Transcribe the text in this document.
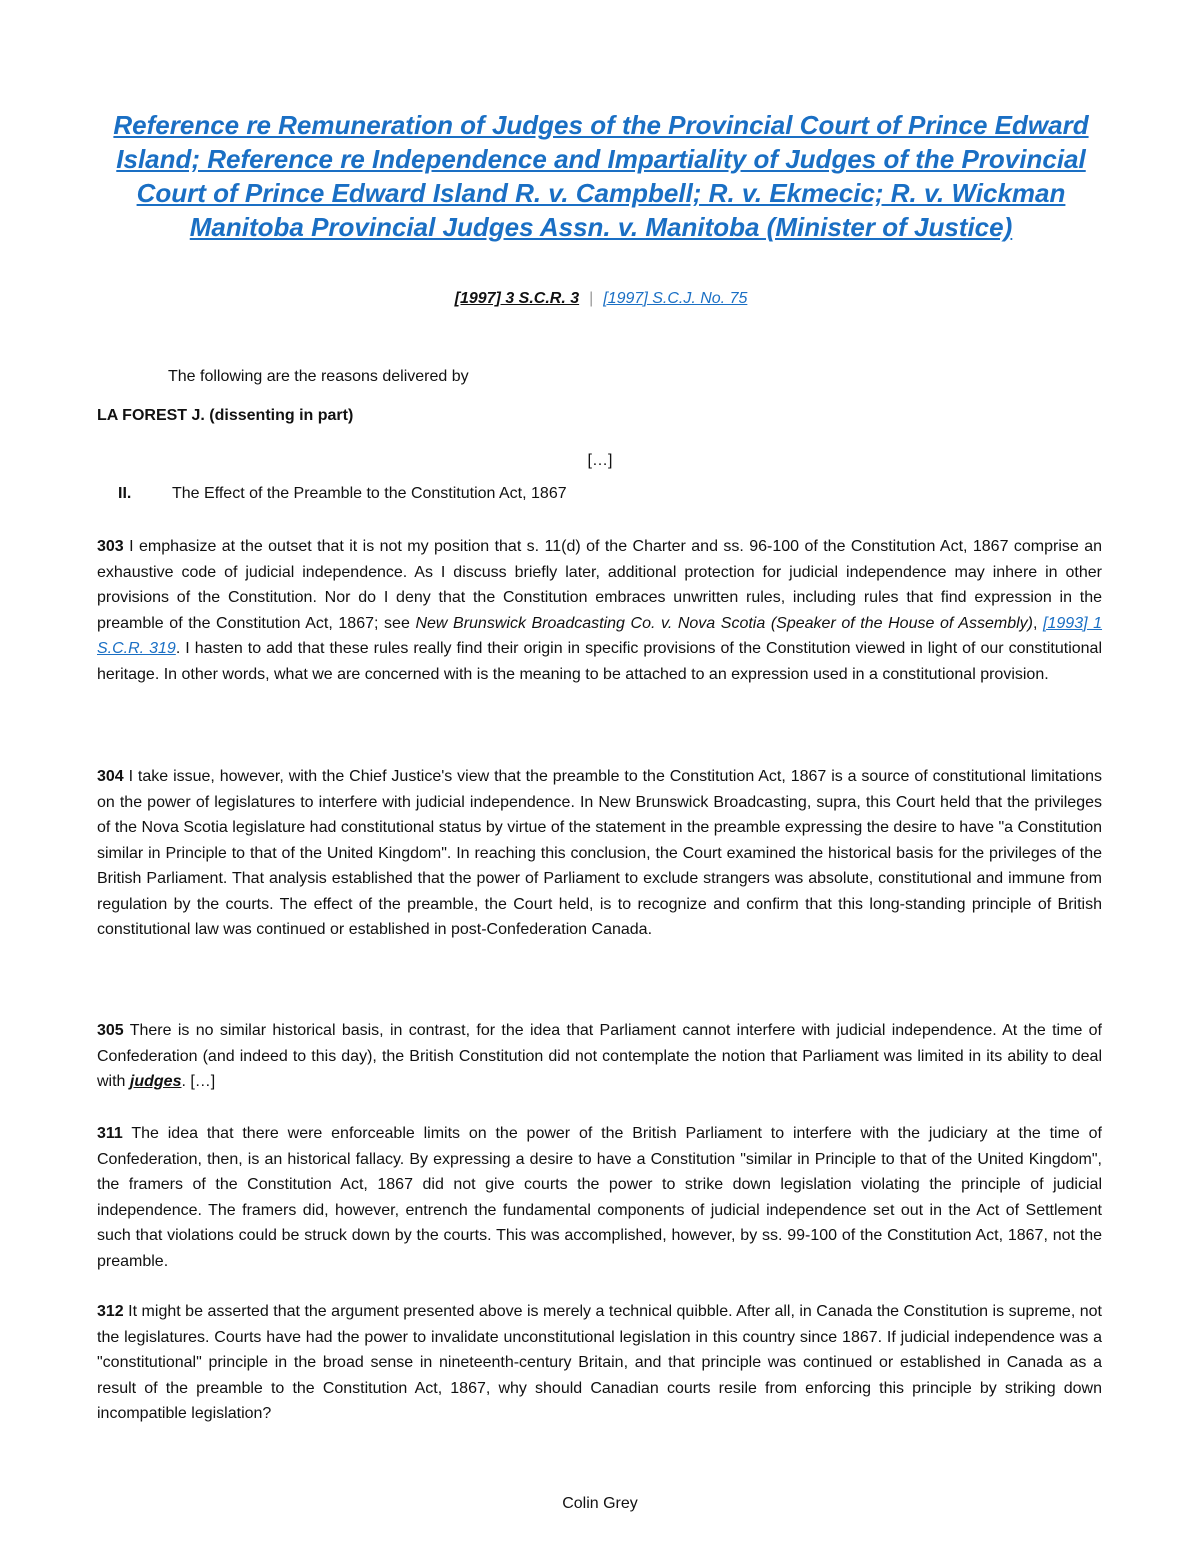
Reference re Remuneration of Judges of the Provincial Court of Prince Edward Island; Reference re Independence and Impartiality of Judges of the Provincial Court of Prince Edward Island R. v. Campbell; R. v. Ekmecic; R. v. Wickman Manitoba Provincial Judges Assn. v. Manitoba (Minister of Justice)
[1997] 3 S.C.R. 3 | [1997] S.C.J. No. 75
The following are the reasons delivered by
LA FOREST J. (dissenting in part)
[…]
II.	The Effect of the Preamble to the Constitution Act, 1867

303 I emphasize at the outset that it is not my position that s. 11(d) of the Charter and ss. 96-100 of the Constitution Act, 1867 comprise an exhaustive code of judicial independence. As I discuss briefly later, additional protection for judicial independence may inhere in other provisions of the Constitution. Nor do I deny that the Constitution embraces unwritten rules, including rules that find expression in the preamble of the Constitution Act, 1867; see New Brunswick Broadcasting Co. v. Nova Scotia (Speaker of the House of Assembly), [1993] 1 S.C.R. 319. I hasten to add that these rules really find their origin in specific provisions of the Constitution viewed in light of our constitutional heritage. In other words, what we are concerned with is the meaning to be attached to an expression used in a constitutional provision.

304 I take issue, however, with the Chief Justice's view that the preamble to the Constitution Act, 1867 is a source of constitutional limitations on the power of legislatures to interfere with judicial independence. In New Brunswick Broadcasting, supra, this Court held that the privileges of the Nova Scotia legislature had constitutional status by virtue of the statement in the preamble expressing the desire to have "a Constitution similar in Principle to that of the United Kingdom". In reaching this conclusion, the Court examined the historical basis for the privileges of the British Parliament. That analysis established that the power of Parliament to exclude strangers was absolute, constitutional and immune from regulation by the courts. The effect of the preamble, the Court held, is to recognize and confirm that this long-standing principle of British constitutional law was continued or established in post-Confederation Canada.

305 There is no similar historical basis, in contrast, for the idea that Parliament cannot interfere with judicial independence. At the time of Confederation (and indeed to this day), the British Constitution did not contemplate the notion that Parliament was limited in its ability to deal with judges. […]

311 The idea that there were enforceable limits on the power of the British Parliament to interfere with the judiciary at the time of Confederation, then, is an historical fallacy. By expressing a desire to have a Constitution "similar in Principle to that of the United Kingdom", the framers of the Constitution Act, 1867 did not give courts the power to strike down legislation violating the principle of judicial independence. The framers did, however, entrench the fundamental components of judicial independence set out in the Act of Settlement such that violations could be struck down by the courts. This was accomplished, however, by ss. 99-100 of the Constitution Act, 1867, not the preamble.

312 It might be asserted that the argument presented above is merely a technical quibble. After all, in Canada the Constitution is supreme, not the legislatures. Courts have had the power to invalidate unconstitutional legislation in this country since 1867. If judicial independence was a "constitutional" principle in the broad sense in nineteenth-century Britain, and that principle was continued or established in Canada as a result of the preamble to the Constitution Act, 1867, why should Canadian courts resile from enforcing this principle by striking down incompatible legislation?

Colin Grey
